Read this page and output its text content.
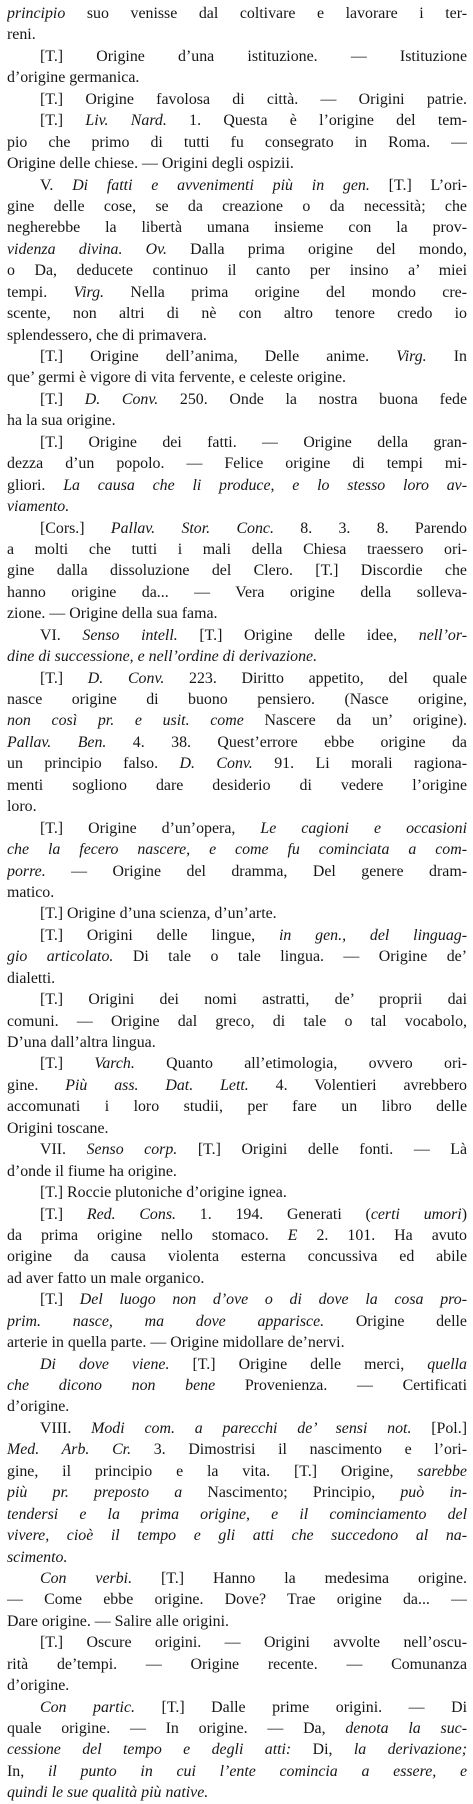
principio suo venisse dal coltivare e lavorare i ter-
reni.
[T.] Origine d’una istituzione. — Istituzione
d’origine germanica.
[T.] Origine favolosa di città. — Origini patrie.
[T.] Liv. Nard. 1. Questa è l’origine del tem-
pio che primo di tutti fu consegrato in Roma. —
Origine delle chiese. — Origini degli ospizii.
V. Di fatti e avvenimenti più in gen. [T.] L’ori-
gine delle cose, se da creazione o da necessità; che
negherebbe la libertà umana insieme con la prov-
videnza divina. Ov. Dalla prima origine del mondo,
o Da, deducete continuo il canto per insino a’ miei
tempi. Virg. Nella prima origine del mondo cre-
scente, non altri di nè con altro tenore credo io
splendessero, che di primavera.
[T.] Origine dell’anima, Delle anime. Virg. In
que’ germi è vigore di vita fervente, e celeste origine.
[T.] D. Conv. 250. Onde la nostra buona fede
ha la sua origine.
[T.] Origine dei fatti. — Origine della gran-
dezza d’un popolo. — Felice origine di tempi mi-
gliori. La causa che li produce, e lo stesso loro av-
viamento.
[Cors.] Pallav. Stor. Conc. 8. 3. 8. Parendo
a molti che tutti i mali della Chiesa traessero ori-
gine dalla dissoluzione del Clero. [T.] Discordie che
hanno origine da... — Vera origine della solleva-
zione. — Origine della sua fama.
VI. Senso intell. [T.] Origine delle idee, nell’or-
dine di successione, e nell’ordine di derivazione.
[T.] D. Conv. 223. Diritto appetito, del quale
nasce origine di buono pensiero. (Nasce origine,
non così pr. e usit. come Nascere da un’ origine).
Pallav. Ben. 4. 38. Quest’errore ebbe origine da
un principio falso. D. Conv. 91. Li morali ragiona-
menti sogliono dare desiderio di vedere l’origine
loro.
[T.] Origine d’un’opera, Le cagioni e occasioni
che la fecero nascere, e come fu cominciata a com-
porre. — Origine del dramma, Del genere dram-
matico.
[T.] Origine d’una scienza, d’un’arte.
[T.] Origini delle lingue, in gen., del linguag-
gio articolato. Di tale o tale lingua. — Origine de’
dialetti.
[T.] Origini dei nomi astratti, de’ proprii dai
comuni. — Origine dal greco, di tale o tal vocabolo,
D’una dall’altra lingua.
[T.] Varch. Quanto all’etimologia, ovvero ori-
gine. Più ass. Dat. Lett. 4. Volentieri avrebbero
accomunati i loro studii, per fare un libro delle
Origini toscane.
VII. Senso corp. [T.] Origini delle fonti. — Là
d’onde il fiume ha origine.
[T.] Roccie plutoniche d’origine ignea.
[T.] Red. Cons. 1. 194. Generati (certi umori)
da prima origine nello stomaco. E 2. 101. Ha avuto
origine da causa violenta esterna concussiva ed abile
ad aver fatto un male organico.
[T.] Del luogo non d’ove o di dove la cosa pro-
prim. nasce, ma dove apparisce. Origine delle
arterie in quella parte. — Origine midollare de’nervi.
Di dove viene. [T.] Origine delle merci, quella
che dicono non bene Provenienza. — Certificati
d’origine.
VIII. Modi com. a parecchi de’ sensi not. [Pol.]
Med. Arb. Cr. 3. Dimostrisi il nascimento e l’ori-
gine, il principio e la vita. [T.] Origine, sarebbe
più pr. preposto a Nascimento; Principio, può in-
tendersi e la prima origine, e il cominciamento del
vivere, cioè il tempo e gli atti che succedono al na-
scimento.
Con verbi. [T.] Hanno la medesima origine.
— Come ebbe origine. Dove? Trae origine da... —
Dare origine. — Salire alle origini.
[T.] Oscure origini. — Origini avvolte nell’oscu-
rità de’tempi. — Origine recente. — Comunanza
d’origine.
Con partic. [T.] Dalle prime origini. — Di
quale origine. — In origine. — Da, denota la suc-
cessione del tempo e degli atti: Di, la derivazione;
In, il punto in cui l’ente comincia a essere, e
quindi le sue qualità più native.
